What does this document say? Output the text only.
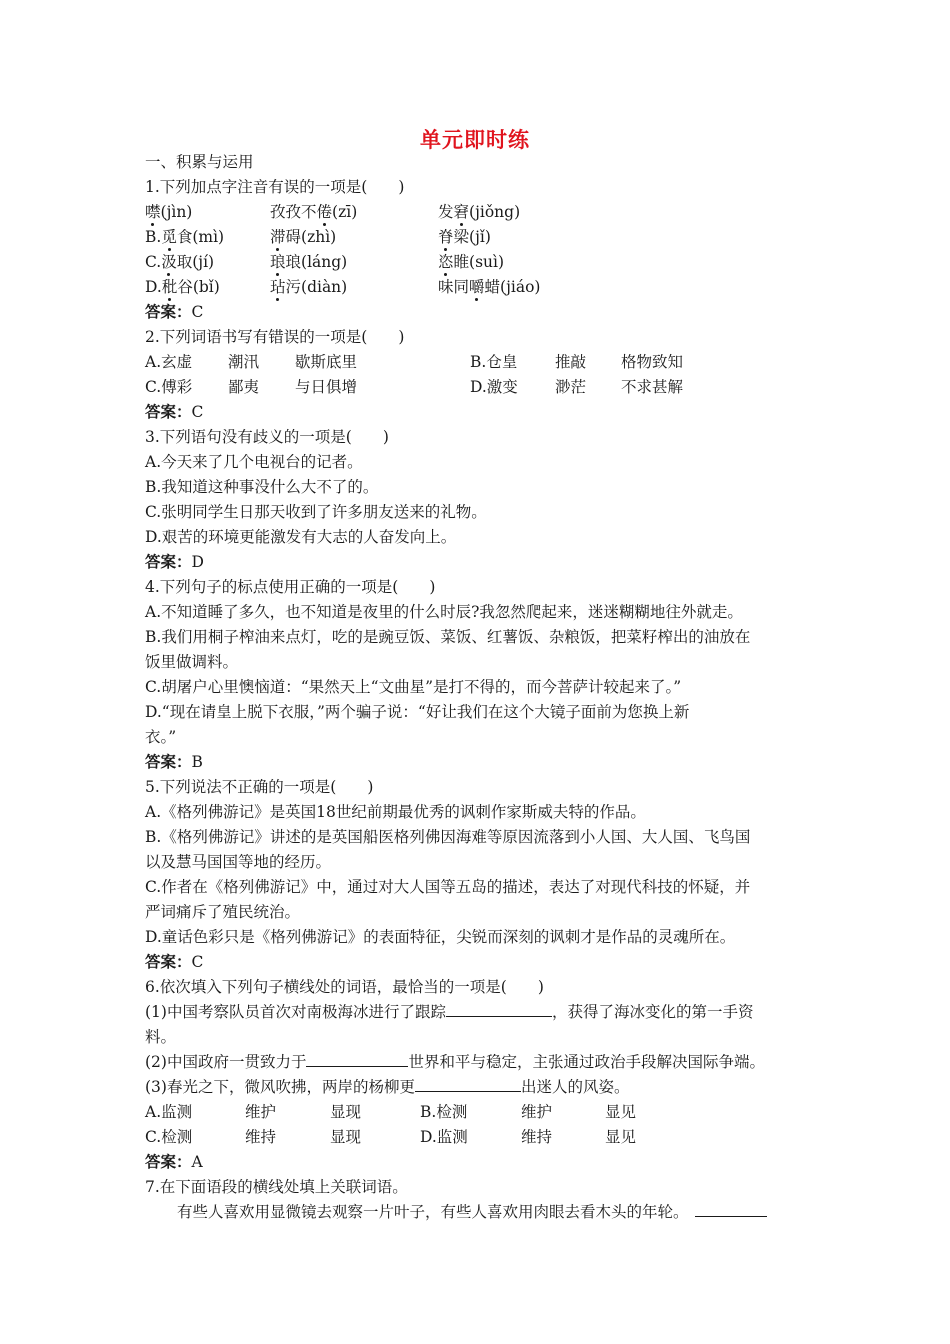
单元即时练
一、积累与运用
1.下列加点字注音有误的一项是(　　)
噤(jìn)	孜孜不倦(zī)	发窘(jiǒng)
B.觅食(mì)	滞碍(zhì)	脊梁(jǐ)
C.汲取(jí)	琅琅(láng)	恣睢(suì)
D.秕谷(bǐ)	玷污(diàn)	味同嚼蜡(jiáo)
答案：C
2.下列词语书写有错误的一项是(　　)
A.玄虚 潮汛 歇斯底里	B.仓皇 推敲 格物致知
C.傅彩 鄙夷 与日俱增	D.激变 渺茫 不求甚解
答案：C
3.下列语句没有歧义的一项是(　　)
A.今天来了几个电视台的记者。
B.我知道这种事没什么大不了的。
C.张明同学生日那天收到了许多朋友送来的礼物。
D.艰苦的环境更能激发有大志的人奋发向上。
答案：D
4.下列句子的标点使用正确的一项是(　　)
A.不知道睡了多久，也不知道是夜里的什么时辰?我忽然爬起来，迷迷糊糊地往外就走。
B.我们用桐子榨油来点灯，吃的是豌豆饭、菜饭、红薯饭、杂粮饭，把菜籽榨出的油放在
饭里做调料。
C.胡屠户心里懊恼道：“果然天上“文曲星”是打不得的，而今菩萨计较起来了。”
D.“现在请皇上脱下衣服，”两个骗子说：“好让我们在这个大镜子面前为您换上新
衣。”
答案：B
5.下列说法不正确的一项是(　　)
A.《格列佛游记》是英国18世纪前期最优秀的讽刺作家斯威夫特的作品。
B.《格列佛游记》讲述的是英国船医格列佛因海难等原因流落到小人国、大人国、飞鸟国
以及慧马国国等地的经历。
C.作者在《格列佛游记》中，通过对大人国等五岛的描述，表达了对现代科技的怀疑，并
严词痛斥了殖民统治。
D.童话色彩只是《格列佛游记》的表面特征，尖锐而深刻的讽刺才是作品的灵魂所在。
答案：C
6.依次填入下列句子横线处的词语，最恰当的一项是(　　)
(1)中国考察队员首次对南极海冰进行了跟踪	，获得了海冰变化的第一手资
料。
(2)中国政府一贯致力于	世界和平与稳定，主张通过政治手段解决国际争端。
(3)春光之下，微风吹拂，两岸的杨柳更	出迷人的风姿。
A.监测	维护	显现	B.检测	维护	显见
C.检测	维持	显现	D.监测	维持	显见
答案：A
7.在下面语段的横线处填上关联词语。
有些人喜欢用显微镜去观察一片叶子，有些人喜欢用肉眼去看木头的年轮。
